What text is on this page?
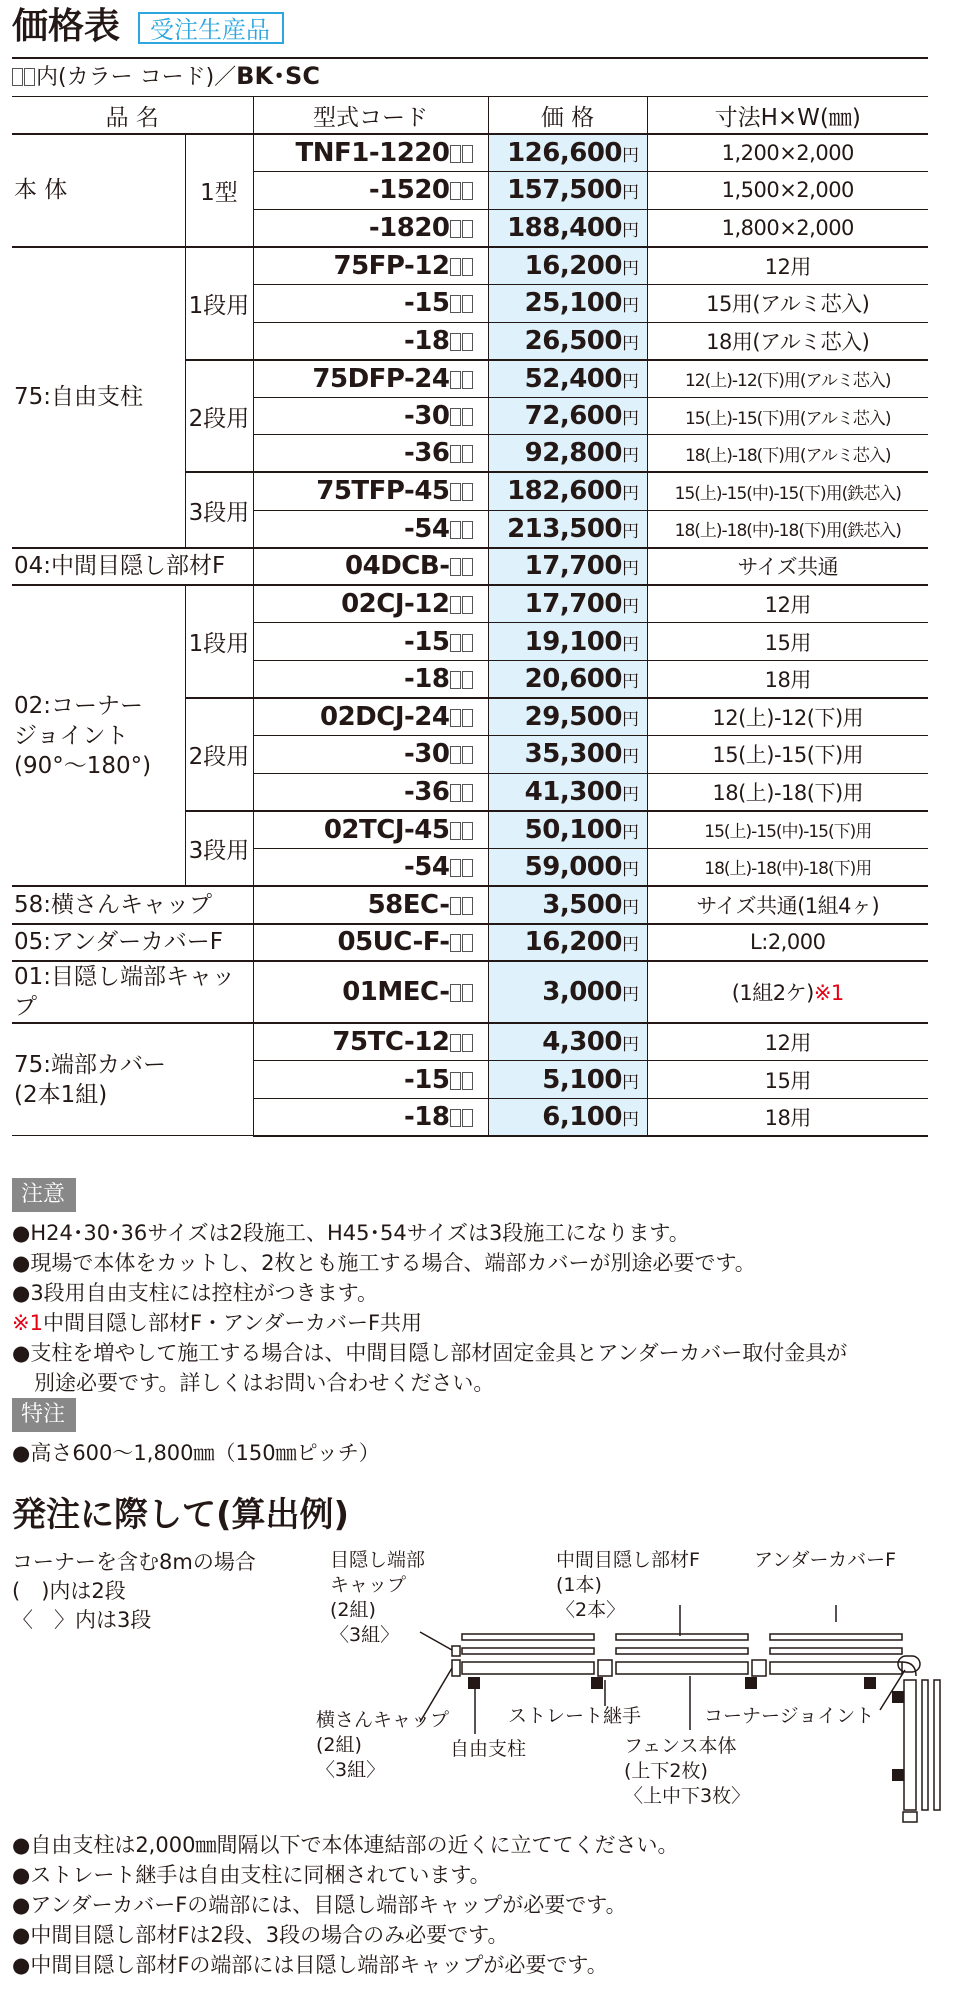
価格表	受注生産品
内(カラー コード)／BK･SC
品 名		型式コード	価 格	寸法H×W(㎜)
本 体	1型	TNF1-1220	126,600円	1,200×2,000
		-1520	157,500円	1,500×2,000
		-1820	188,400円	1,800×2,000
75:自由支柱	1段用	75FP-12	16,200円	12用
		-15	25,100円	15用(アルミ芯入)
		-18	26,500円	18用(アルミ芯入)
	2段用	75DFP-24	52,400円	12(上)-12(下)用(アルミ芯入)
		-30	72,600円	15(上)-15(下)用(アルミ芯入)
		-36	92,800円	18(上)-18(下)用(アルミ芯入)
	3段用	75TFP-45	182,600円	15(上)-15(中)-15(下)用(鉄芯入)
		-54	213,500円	18(上)-18(中)-18(下)用(鉄芯入)
04:中間目隠し部材F		04DCB-	17,700円	サイズ共通

02:コーナー
ジョイント
(90°～180°)	1段用	02CJ-12	17,700円	12用
		-15	19,100円	15用
		-18	20,600円	18用
	2段用	02DCJ-24	29,500円	12(上)-12(下)用
		-30	35,300円	15(上)-15(下)用
		-36	41,300円	18(上)-18(下)用
	3段用	02TCJ-45	50,100円	15(上)-15(中)-15(下)用
		-54	59,000円	18(上)-18(中)-18(下)用
58:横さんキャップ		58EC-	3,500円	サイズ共通(1組4ヶ)
05:アンダーカバーF		05UC-F-	16,200円	L:2,000
01:目隠し端部キャップ		01MEC-	3,000円	(1組2ケ)※1

75:端部カバー
(2本1組)		75TC-12	4,300円	12用
		-15	5,100円	15用
		-18	6,100円	18用
注意
●H24･30･36サイズは2段施工、H45･54サイズは3段施工になります。
●現場で本体をカットし、2枚とも施工する場合、端部カバーが別途必要です。
●3段用自由支柱には控柱がつきます。
※1中間目隠し部材F・アンダーカバーF共用
●支柱を増やして施工する場合は、中間目隠し部材固定金具とアンダーカバー取付金具が
別途必要です。詳しくはお問い合わせください。
特注
●高さ600～1,800㎜（150㎜ピッチ）
発注に際して(算出例)
コーナーを含む8mの場合
(　)内は2段
〈　〉内は3段
目隠し端部
キャップ
(2組)
〈3組〉
中間目隠し部材F
(1本)
〈2本〉
アンダーカバーF
横さんキャップ
(2組)
〈3組〉
自由支柱
ストレート継手	コーナージョイント
フェンス本体
(上下2枚)
〈上中下3枚〉
●自由支柱は2,000㎜間隔以下で本体連結部の近くに立ててください。
●ストレート継手は自由支柱に同梱されています。
●アンダーカバーFの端部には、目隠し端部キャップが必要です。
●中間目隠し部材Fは2段、3段の場合のみ必要です。
●中間目隠し部材Fの端部には目隠し端部キャップが必要です。
